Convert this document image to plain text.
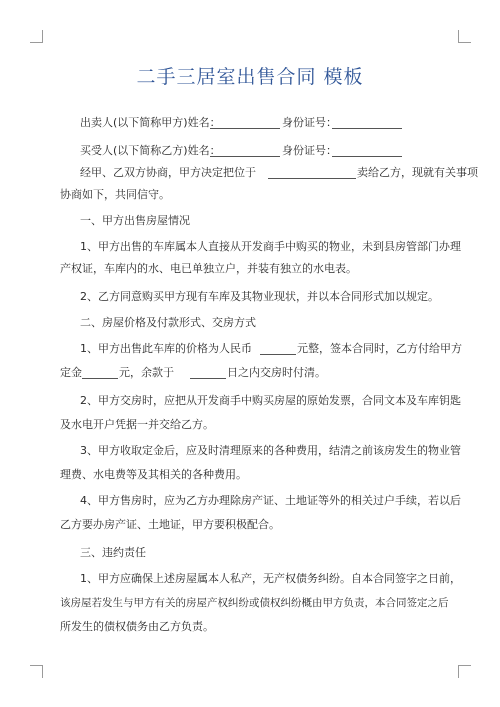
二手三居室出售合同 模板
出卖人(以下简称甲方)姓名：	身份证号：
买受人(以下简称乙方)姓名：	身份证号：
经甲、乙双方协商，甲方决定把位于	卖给乙方，现就有关事项
协商如下，共同信守。
一、甲方出售房屋情况
1、甲方出售的车库属本人直接从开发商手中购买的物业，未到县房管部门办理
产权证，车库内的水、电已单独立户，并装有独立的水电表。
2、乙方同意购买甲方现有车库及其物业现状，并以本合同形式加以规定。
二、房屋价格及付款形式、交房方式
1、甲方出售此车库的价格为人民币	元整，签本合同时，乙方付给甲方
定金	元，余款于	日之内交房时付清。
2、甲方交房时，应把从开发商手中购买房屋的原始发票，合同文本及车库钥匙
及水电开户凭据一并交给乙方。
3、甲方收取定金后，应及时清理原来的各种费用，结清之前该房发生的物业管
理费、水电费等及其相关的各种费用。
4、甲方售房时，应为乙方办理除房产证、土地证等外的相关过户手续，若以后
乙方要办房产证、土地证，甲方要积极配合。
三、违约责任
1、甲方应确保上述房屋属本人私产，无产权债务纠纷。自本合同签字之日前，
该房屋若发生与甲方有关的房屋产权纠纷或债权纠纷概由甲方负责，本合同签定之后
所发生的债权债务由乙方负责。
